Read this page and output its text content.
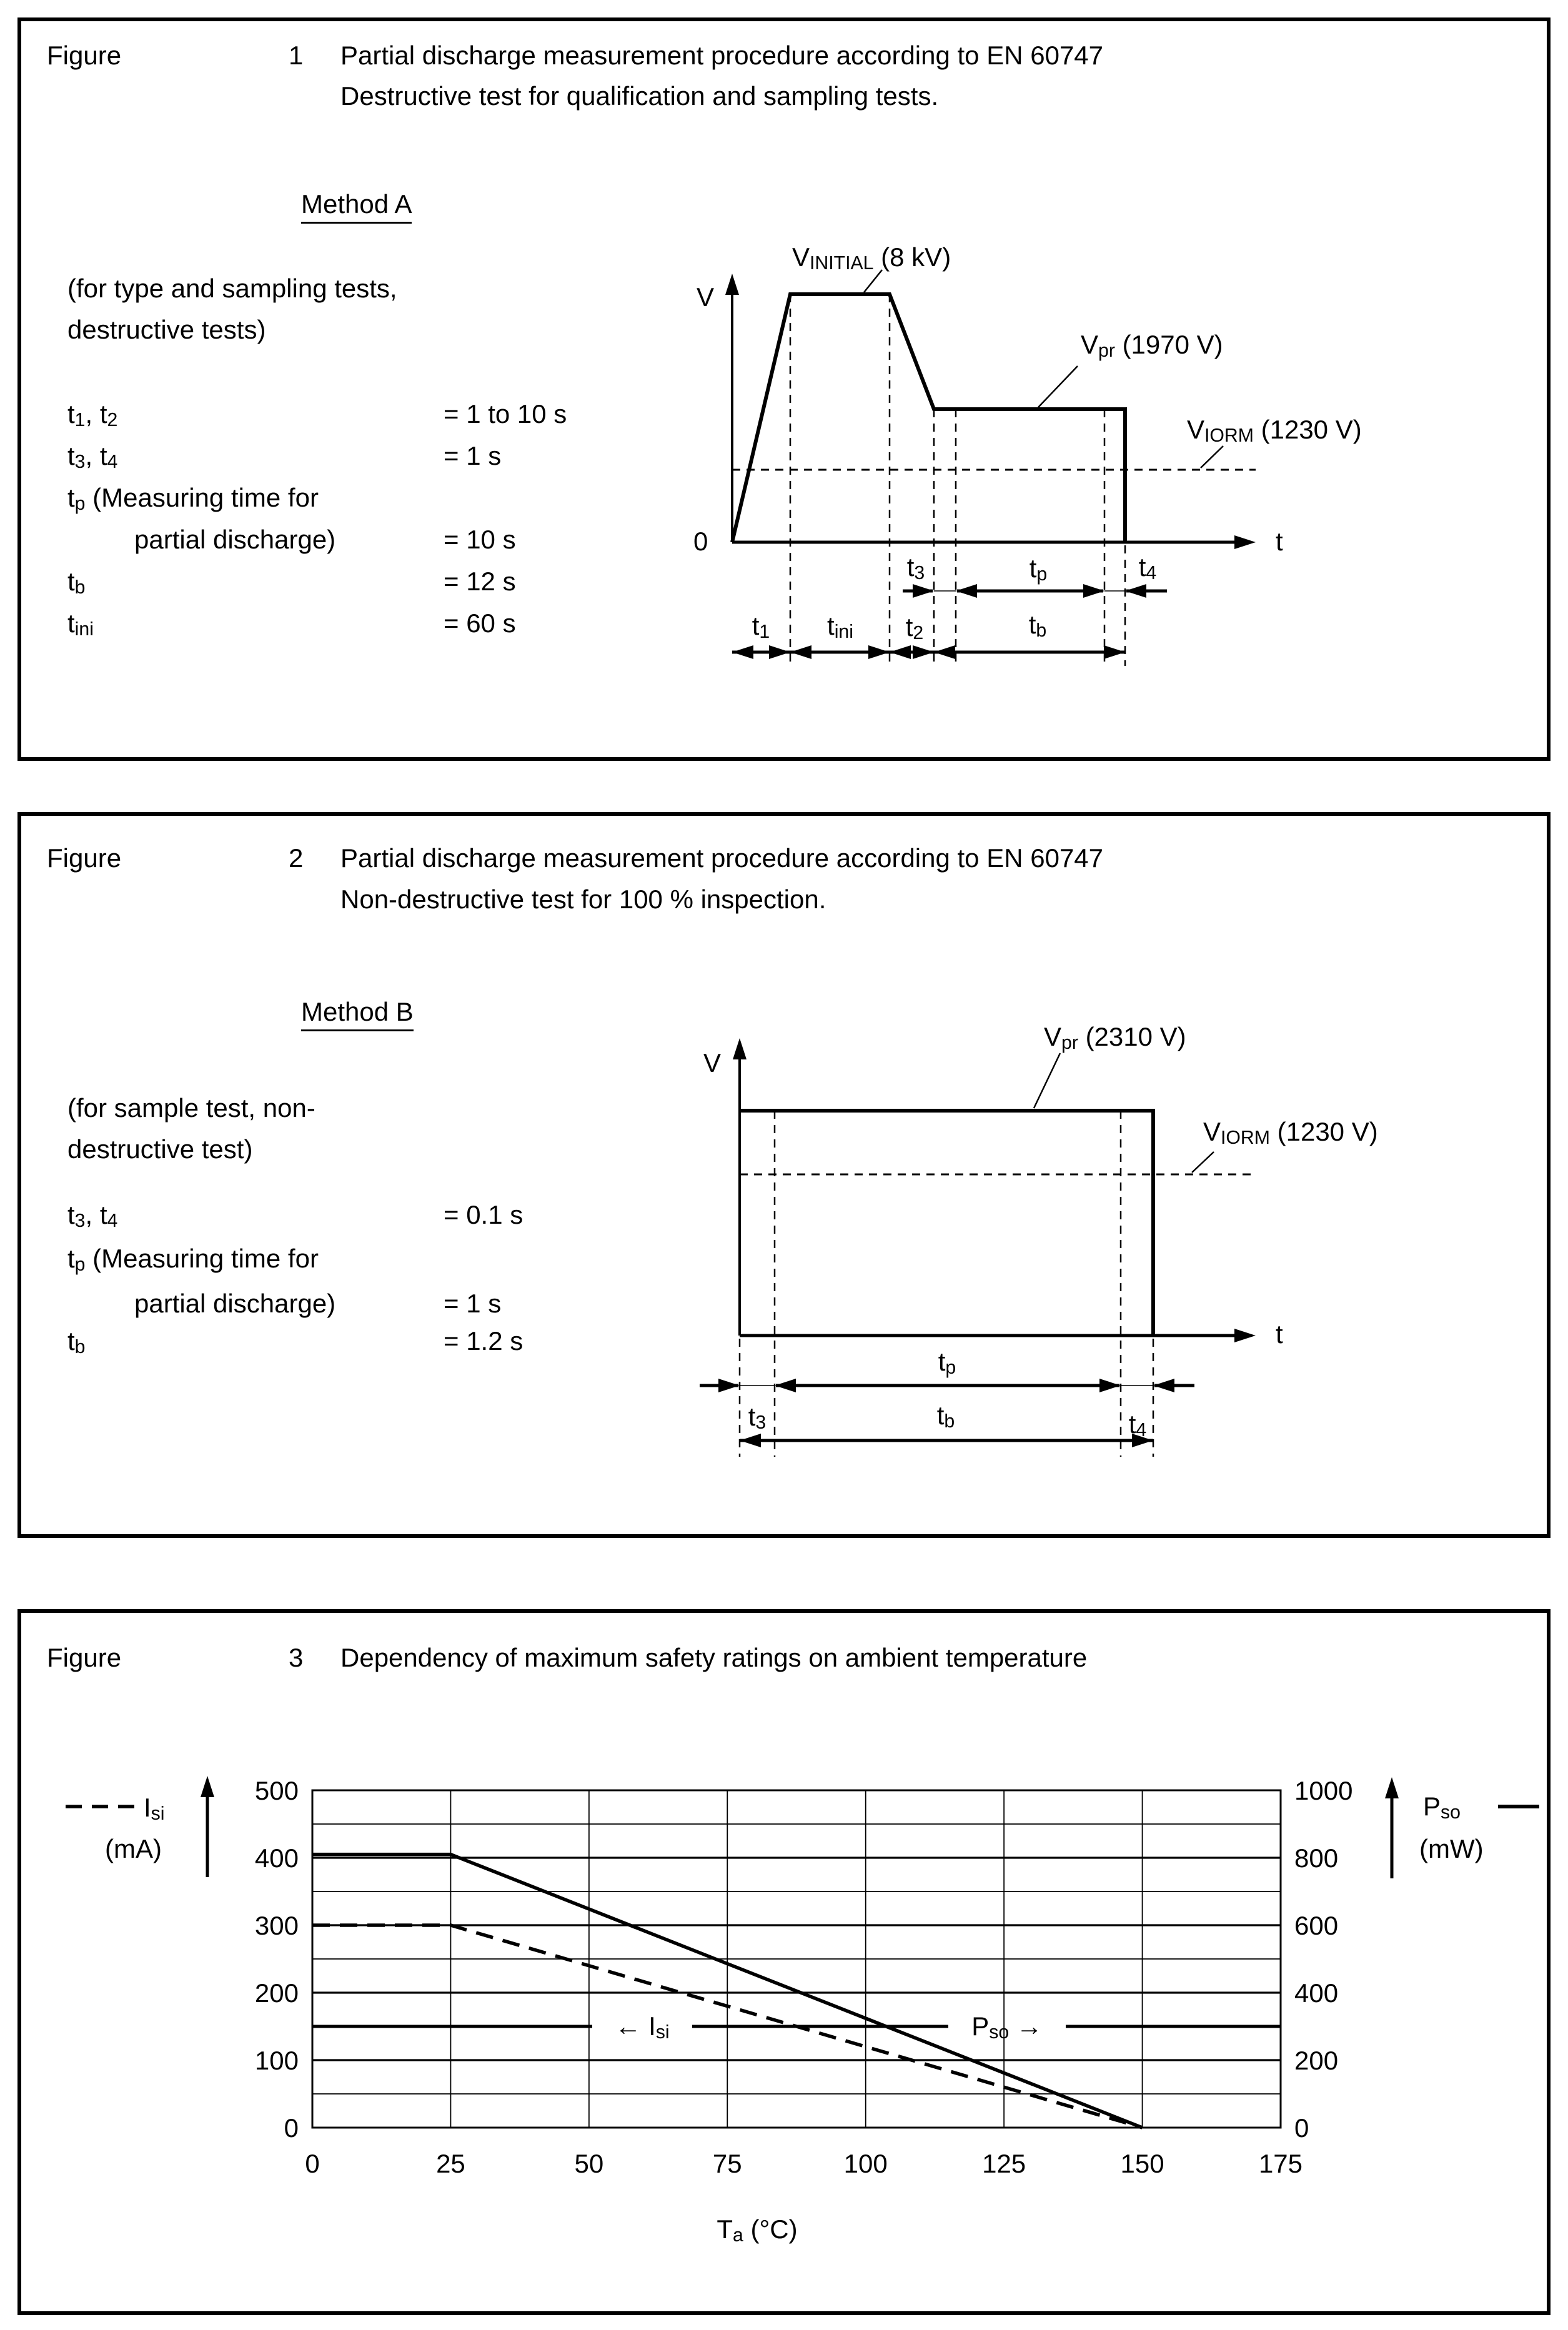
0
100
200
300
400
500
0
200
400
600
800
1000
0	25	50	75	100	125	150	175
Figure	1 Partial discharge measurement procedure according to EN 60747
Destructive test for qualification and sampling tests.
Method A
(for type and sampling tests,
destructive tests)
$t_1$, $t_2$	= 1 to 10 s
$t_3$, $t_4$	= 1 s
$t_p$ (Measuring time for
partial discharge)	= 10 s
$t_b$	= 12 s
$t_{ini}$	= 60 s
V
0	t
$V_{INITIAL}$ (8 kV)
$V_{pr}$ (1970 V)
$V_{IORM}$ (1230 V)
$t_3$	$t_p$	$t_4$
$t_1$ $t_{ini}$ $t_2$	$t_b$
Figure	2 Partial discharge measurement procedure according to EN 60747
Non-destructive test for 100 % inspection.
Method B
(for sample test, non-
destructive test)
$t_3$, $t_4$	= 0.1 s
$t_p$ (Measuring time for
partial discharge)	= 1 s
$t_b$	= 1.2 s
V
t
$V_{pr}$ (2310 V)
$V_{IORM}$ (1230 V)
$t_p$
$t_3$	$t_b$	$t_4$
Figure	3 Dependency of maximum safety ratings on ambient temperature
$I_{si}$
(mA)
$P_{so}$
(mW)
← $I_{si}$	$P_{so}$ →
$T_a$ (°C)
